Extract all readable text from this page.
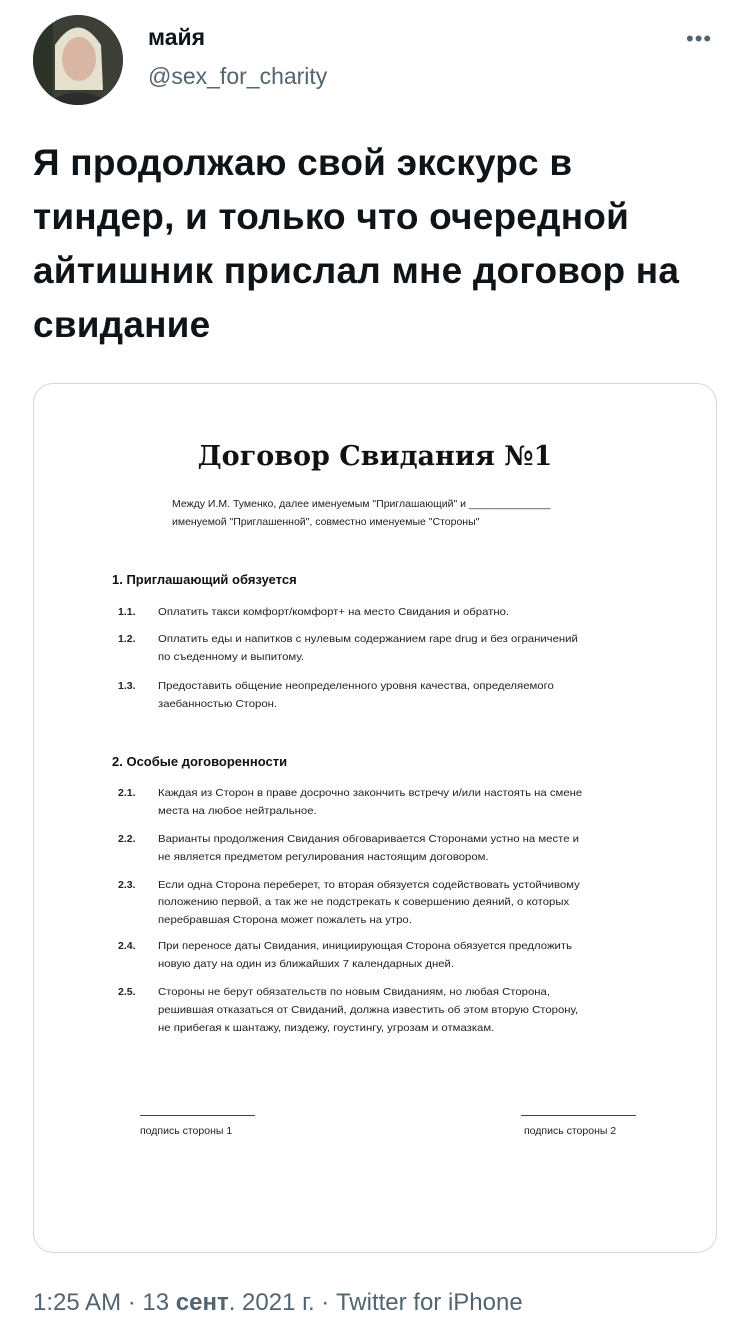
майя
@sex_for_charity
•••
Я продолжаю свой экскурс в тиндер, и только что очередной айтишник прислал мне договор на свидание
Договор Свидания №1
Между И.М. Туменко, далее именуемым "Приглашающий" и ______________
именуемой "Приглашенной", совместно именуемые "Стороны"
1. Приглашающий обязуется
1.1. Оплатить такси комфорт/комфорт+ на место Свидания и обратно.
1.2. Оплатить еды и напитков с нулевым содержанием rape drug и без ограничений
по съеденному и выпитому.
1.3. Предоставить общение неопределенного уровня качества, определяемого
заебанностью Сторон.
2. Особые договоренности
2.1. Каждая из Сторон в праве досрочно закончить встречу и/или настоять на смене
места на любое нейтральное.
2.2. Варианты продолжения Свидания обговаривается Сторонами устно на месте и
не является предметом регулирования настоящим договором.
2.3. Если одна Сторона переберет, то вторая обязуется содействовать устойчивому
положению первой, а так же не подстрекать к совершению деяний, о которых
перебравшая Сторона может пожалеть на утро.
2.4. При переносе даты Свидания, инициирующая Сторона обязуется предложить
новую дату на один из ближайших 7 календарных дней.
2.5. Стороны не берут обязательств по новым Свиданиям, но любая Сторона,
решившая отказаться от Свиданий, должна известить об этом вторую Сторону,
не прибегая к шантажу, пиздежу, гоустингу, угрозам и отмазкам.
подпись стороны 1	подпись стороны 2
1:25 AM · 13 сент. 2021 г. · Twitter for iPhone
